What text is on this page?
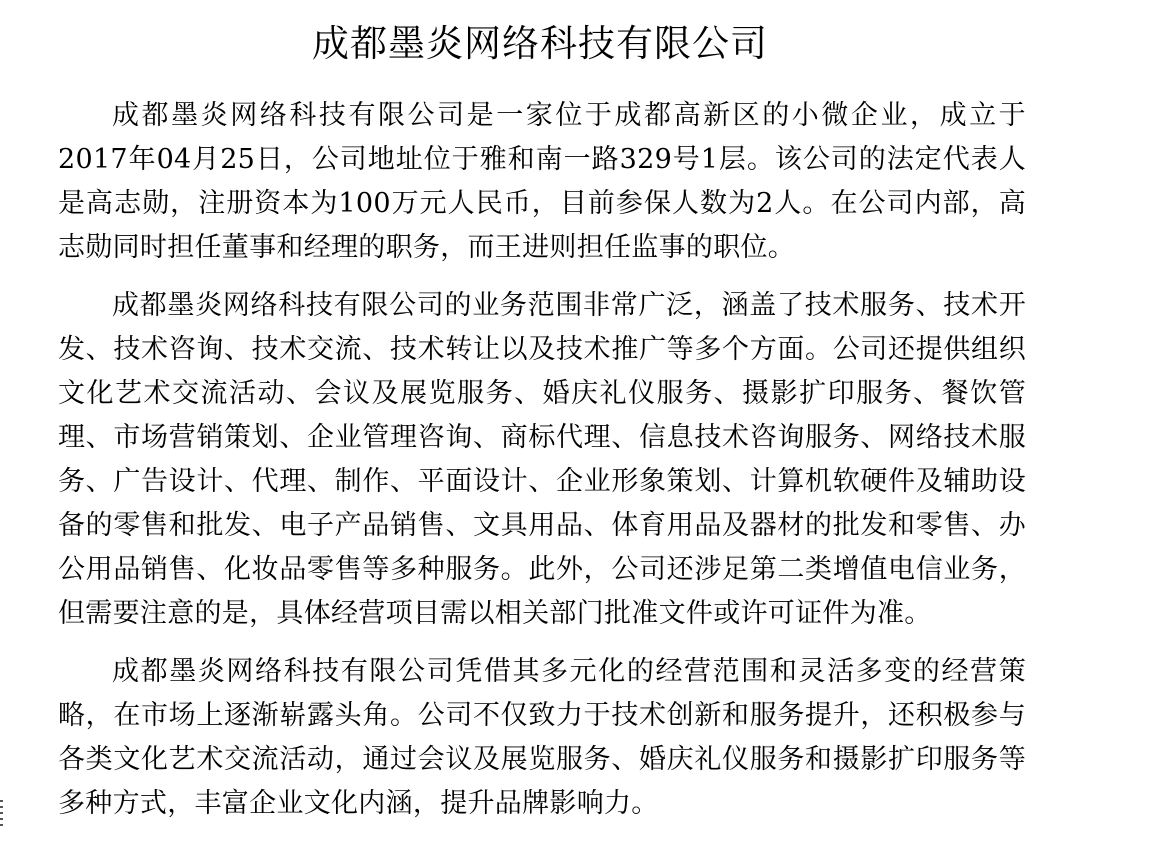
成都墨炎网络科技有限公司

成都墨炎网络科技有限公司是一家位于成都高新区的小微企业，成立于2017年04月25日，公司地址位于雅和南一路329号1层。该公司的法定代表人是高志勋，注册资本为100万元人民币，目前参保人数为2人。在公司内部，高志勋同时担任董事和经理的职务，而王进则担任监事的职位。

成都墨炎网络科技有限公司的业务范围非常广泛，涵盖了技术服务、技术开发、技术咨询、技术交流、技术转让以及技术推广等多个方面。公司还提供组织文化艺术交流活动、会议及展览服务、婚庆礼仪服务、摄影扩印服务、餐饮管理、市场营销策划、企业管理咨询、商标代理、信息技术咨询服务、网络技术服务、广告设计、代理、制作、平面设计、企业形象策划、计算机软硬件及辅助设备的零售和批发、电子产品销售、文具用品、体育用品及器材的批发和零售、办公用品销售、化妆品零售等多种服务。此外，公司还涉足第二类增值电信业务，但需要注意的是，具体经营项目需以相关部门批准文件或许可证件为准。

成都墨炎网络科技有限公司凭借其多元化的经营范围和灵活多变的经营策略，在市场上逐渐崭露头角。公司不仅致力于技术创新和服务提升，还积极参与各类文化艺术交流活动，通过会议及展览服务、婚庆礼仪服务和摄影扩印服务等多种方式，丰富企业文化内涵，提升品牌影响力。
